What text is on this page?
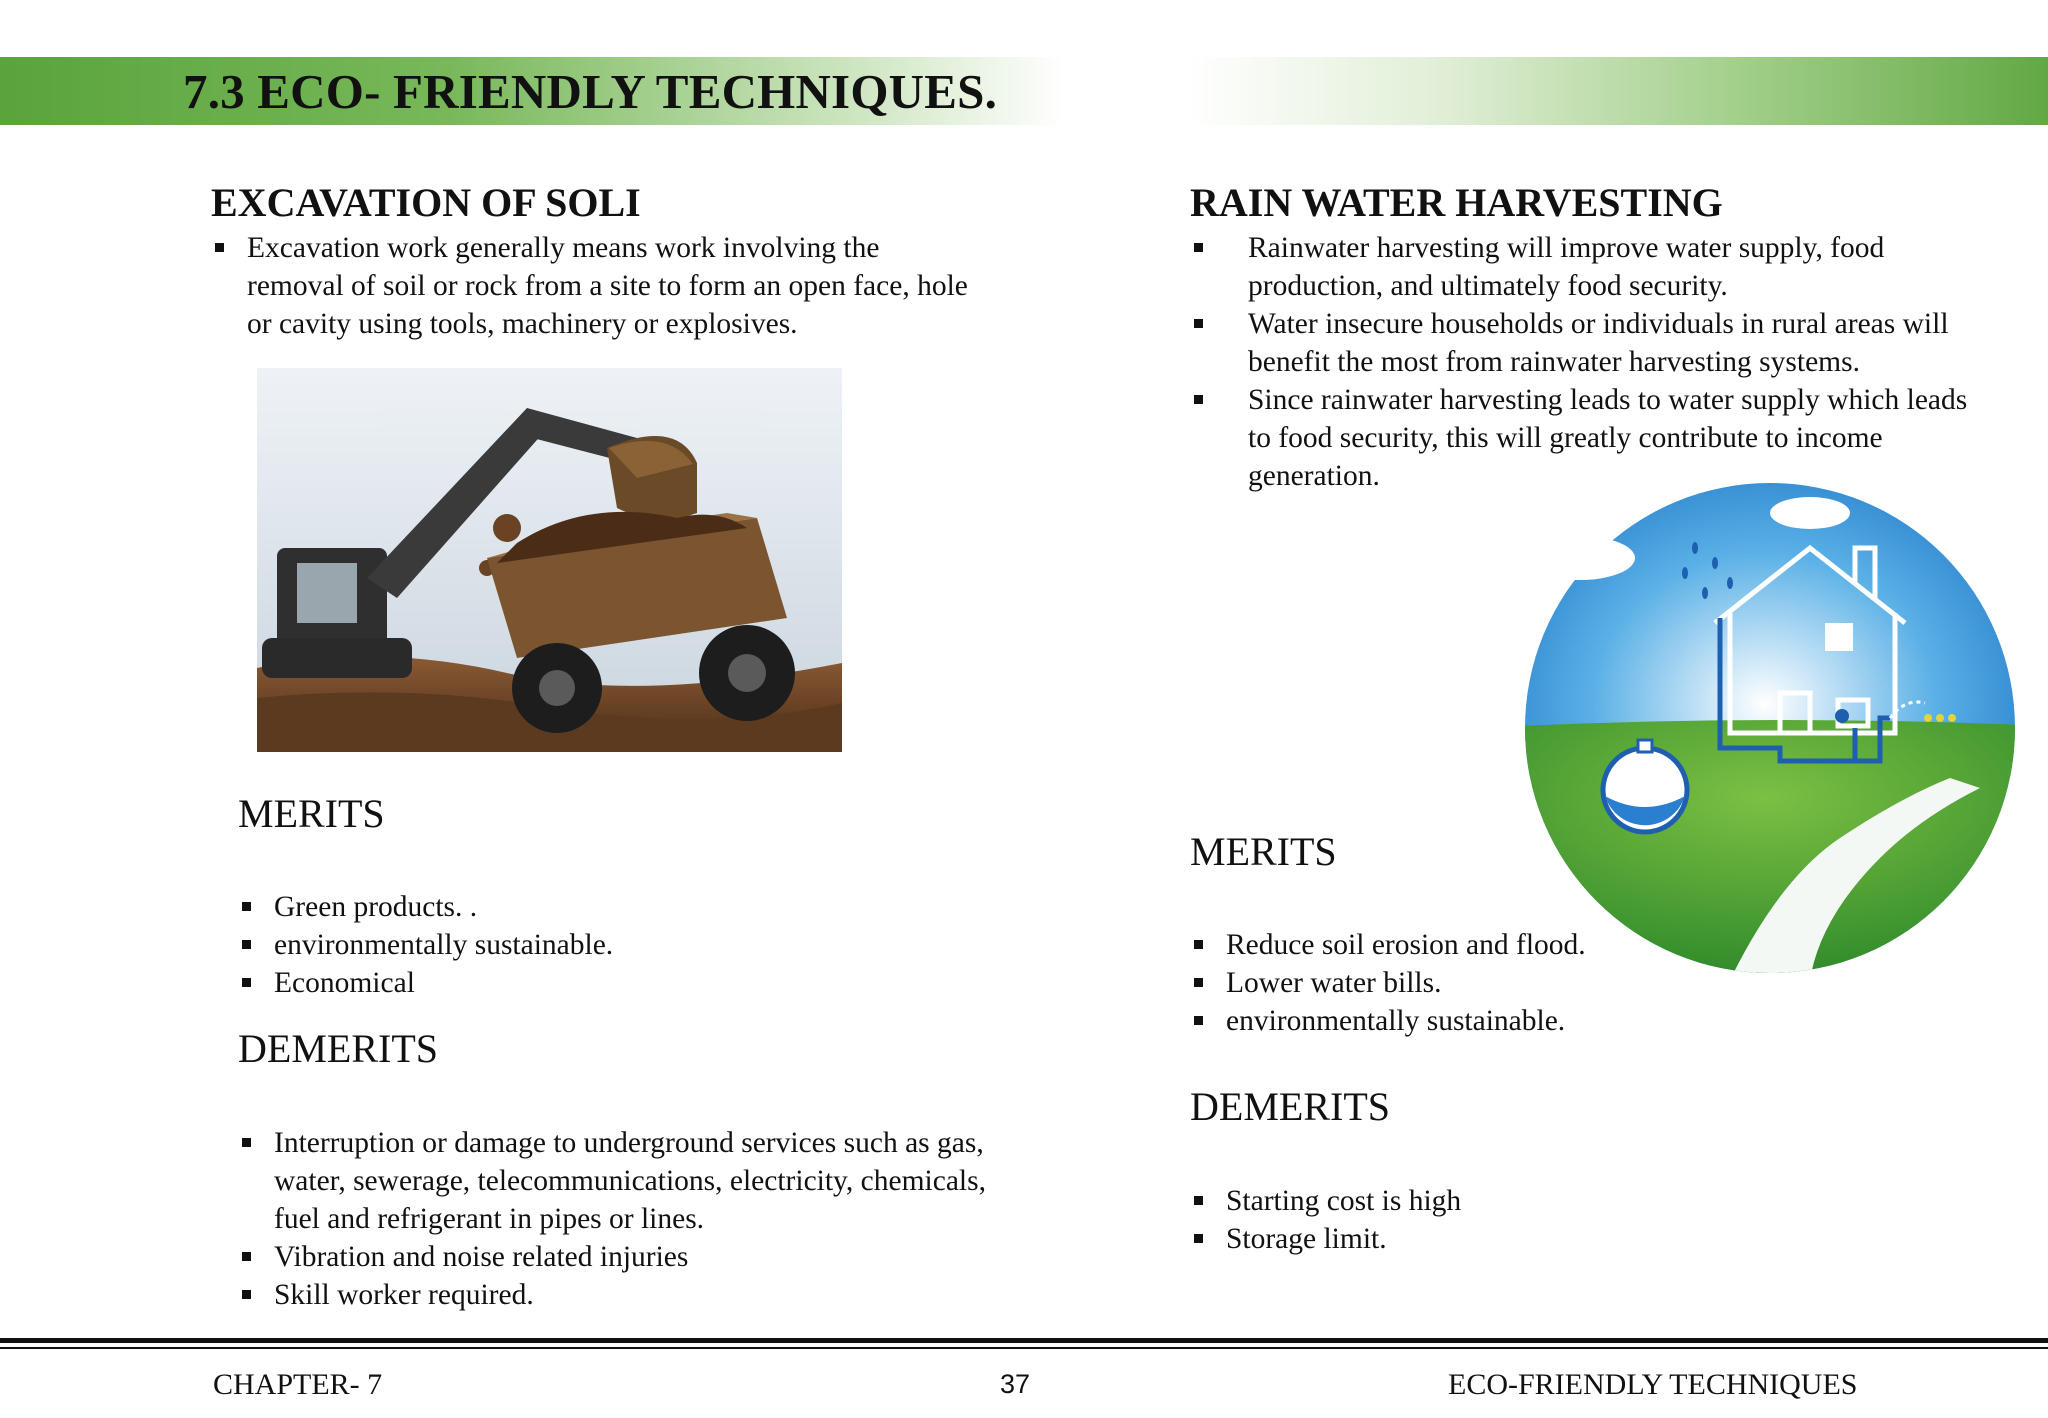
7.3 ECO- FRIENDLY TECHNIQUES.
EXCAVATION OF SOLI
Excavation work generally means work involving the removal of soil or rock from a site to form an open face, hole or cavity using tools, machinery or explosives.
MERITS
Green products. .
environmentally sustainable.
Economical
DEMERITS
Interruption or damage to underground services such as gas, water, sewerage, telecommunications, electricity, chemicals, fuel and refrigerant in pipes or lines.
Vibration and noise related injuries
Skill worker required.
RAIN WATER HARVESTING
Rainwater harvesting will improve water supply, food production, and ultimately food security.
Water insecure households or individuals in rural areas will benefit the most from rainwater harvesting systems.
Since rainwater harvesting leads to water supply which leads to food security, this will greatly contribute to income generation.
MERITS
Reduce soil erosion and flood.
Lower water bills.
environmentally sustainable.
DEMERITS
Starting cost is high
Storage limit.
CHAPTER- 7	37	ECO-FRIENDLY TECHNIQUES
